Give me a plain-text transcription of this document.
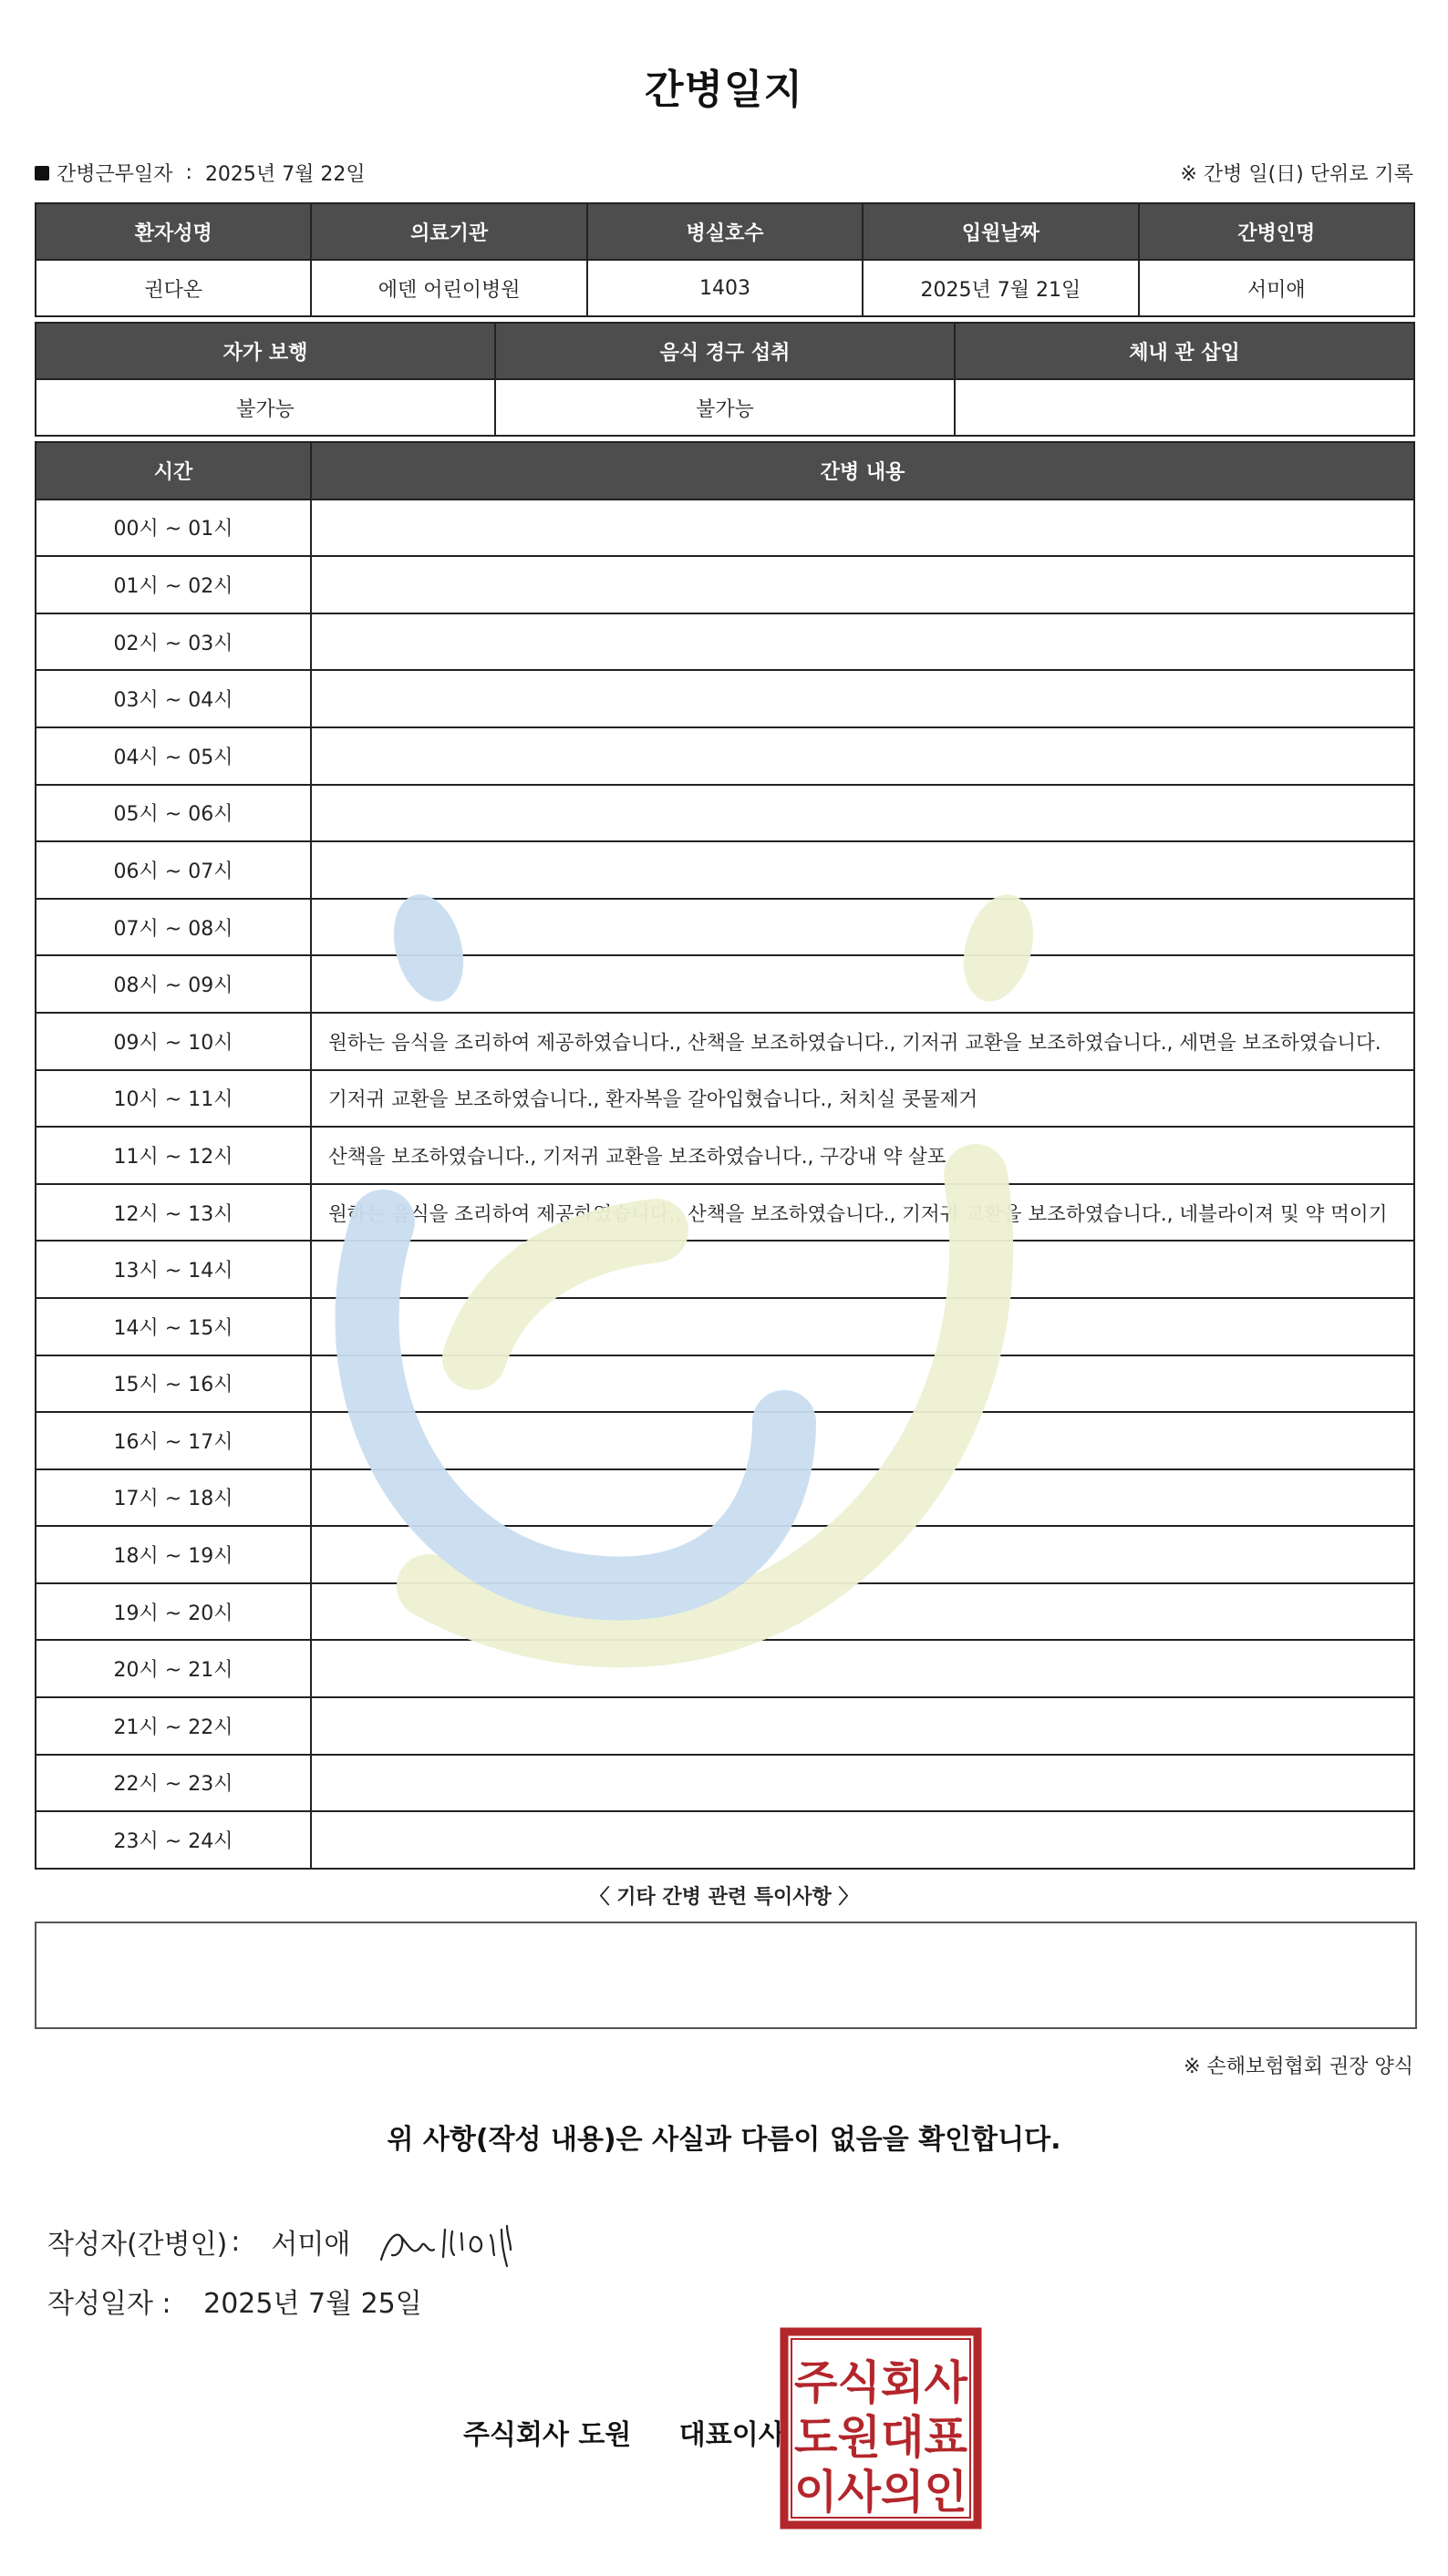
간병일지
간병근무일자 : 2025년 7월 22일	※ 간병 일(日) 단위로 기록
환자성명	의료기관	병실호수	입원날짜	간병인명
권다온	에덴 어린이병원	1403	2025년 7월 21일	서미애
자가 보행	음식 경구 섭취	체내 관 삽입
불가능	불가능	
시간	간병 내용
00시 ~ 01시	
01시 ~ 02시	
02시 ~ 03시	
03시 ~ 04시	
04시 ~ 05시	
05시 ~ 06시	
06시 ~ 07시	
07시 ~ 08시	
08시 ~ 09시	
09시 ~ 10시	원하는 음식을 조리하여 제공하였습니다., 산책을 보조하였습니다., 기저귀 교환을 보조하였습니다., 세면을 보조하였습니다.
10시 ~ 11시	기저귀 교환을 보조하였습니다., 환자복을 갈아입혔습니다., 처치실 콧물제거
11시 ~ 12시	산책을 보조하였습니다., 기저귀 교환을 보조하였습니다., 구강내 약 살포
12시 ~ 13시	원하는 음식을 조리하여 제공하였습니다., 산책을 보조하였습니다., 기저귀 교환을 보조하였습니다., 네블라이져 및 약 먹이기
13시 ~ 14시	
14시 ~ 15시	
15시 ~ 16시	
16시 ~ 17시	
17시 ~ 18시	
18시 ~ 19시	
19시 ~ 20시	
20시 ~ 21시	
21시 ~ 22시	
22시 ~ 23시	
23시 ~ 24시	
〈 기타 간병 관련 특이사항 〉
※ 손해보험협회 권장 양식
위 사항(작성 내용)은 사실과 다름이 없음을 확인합니다.
작성자(간병인) : 서미애
작성일자 : 2025년 7월 25일
주식회사 도원 대표이사
주식회사
도원대표
이사의인
